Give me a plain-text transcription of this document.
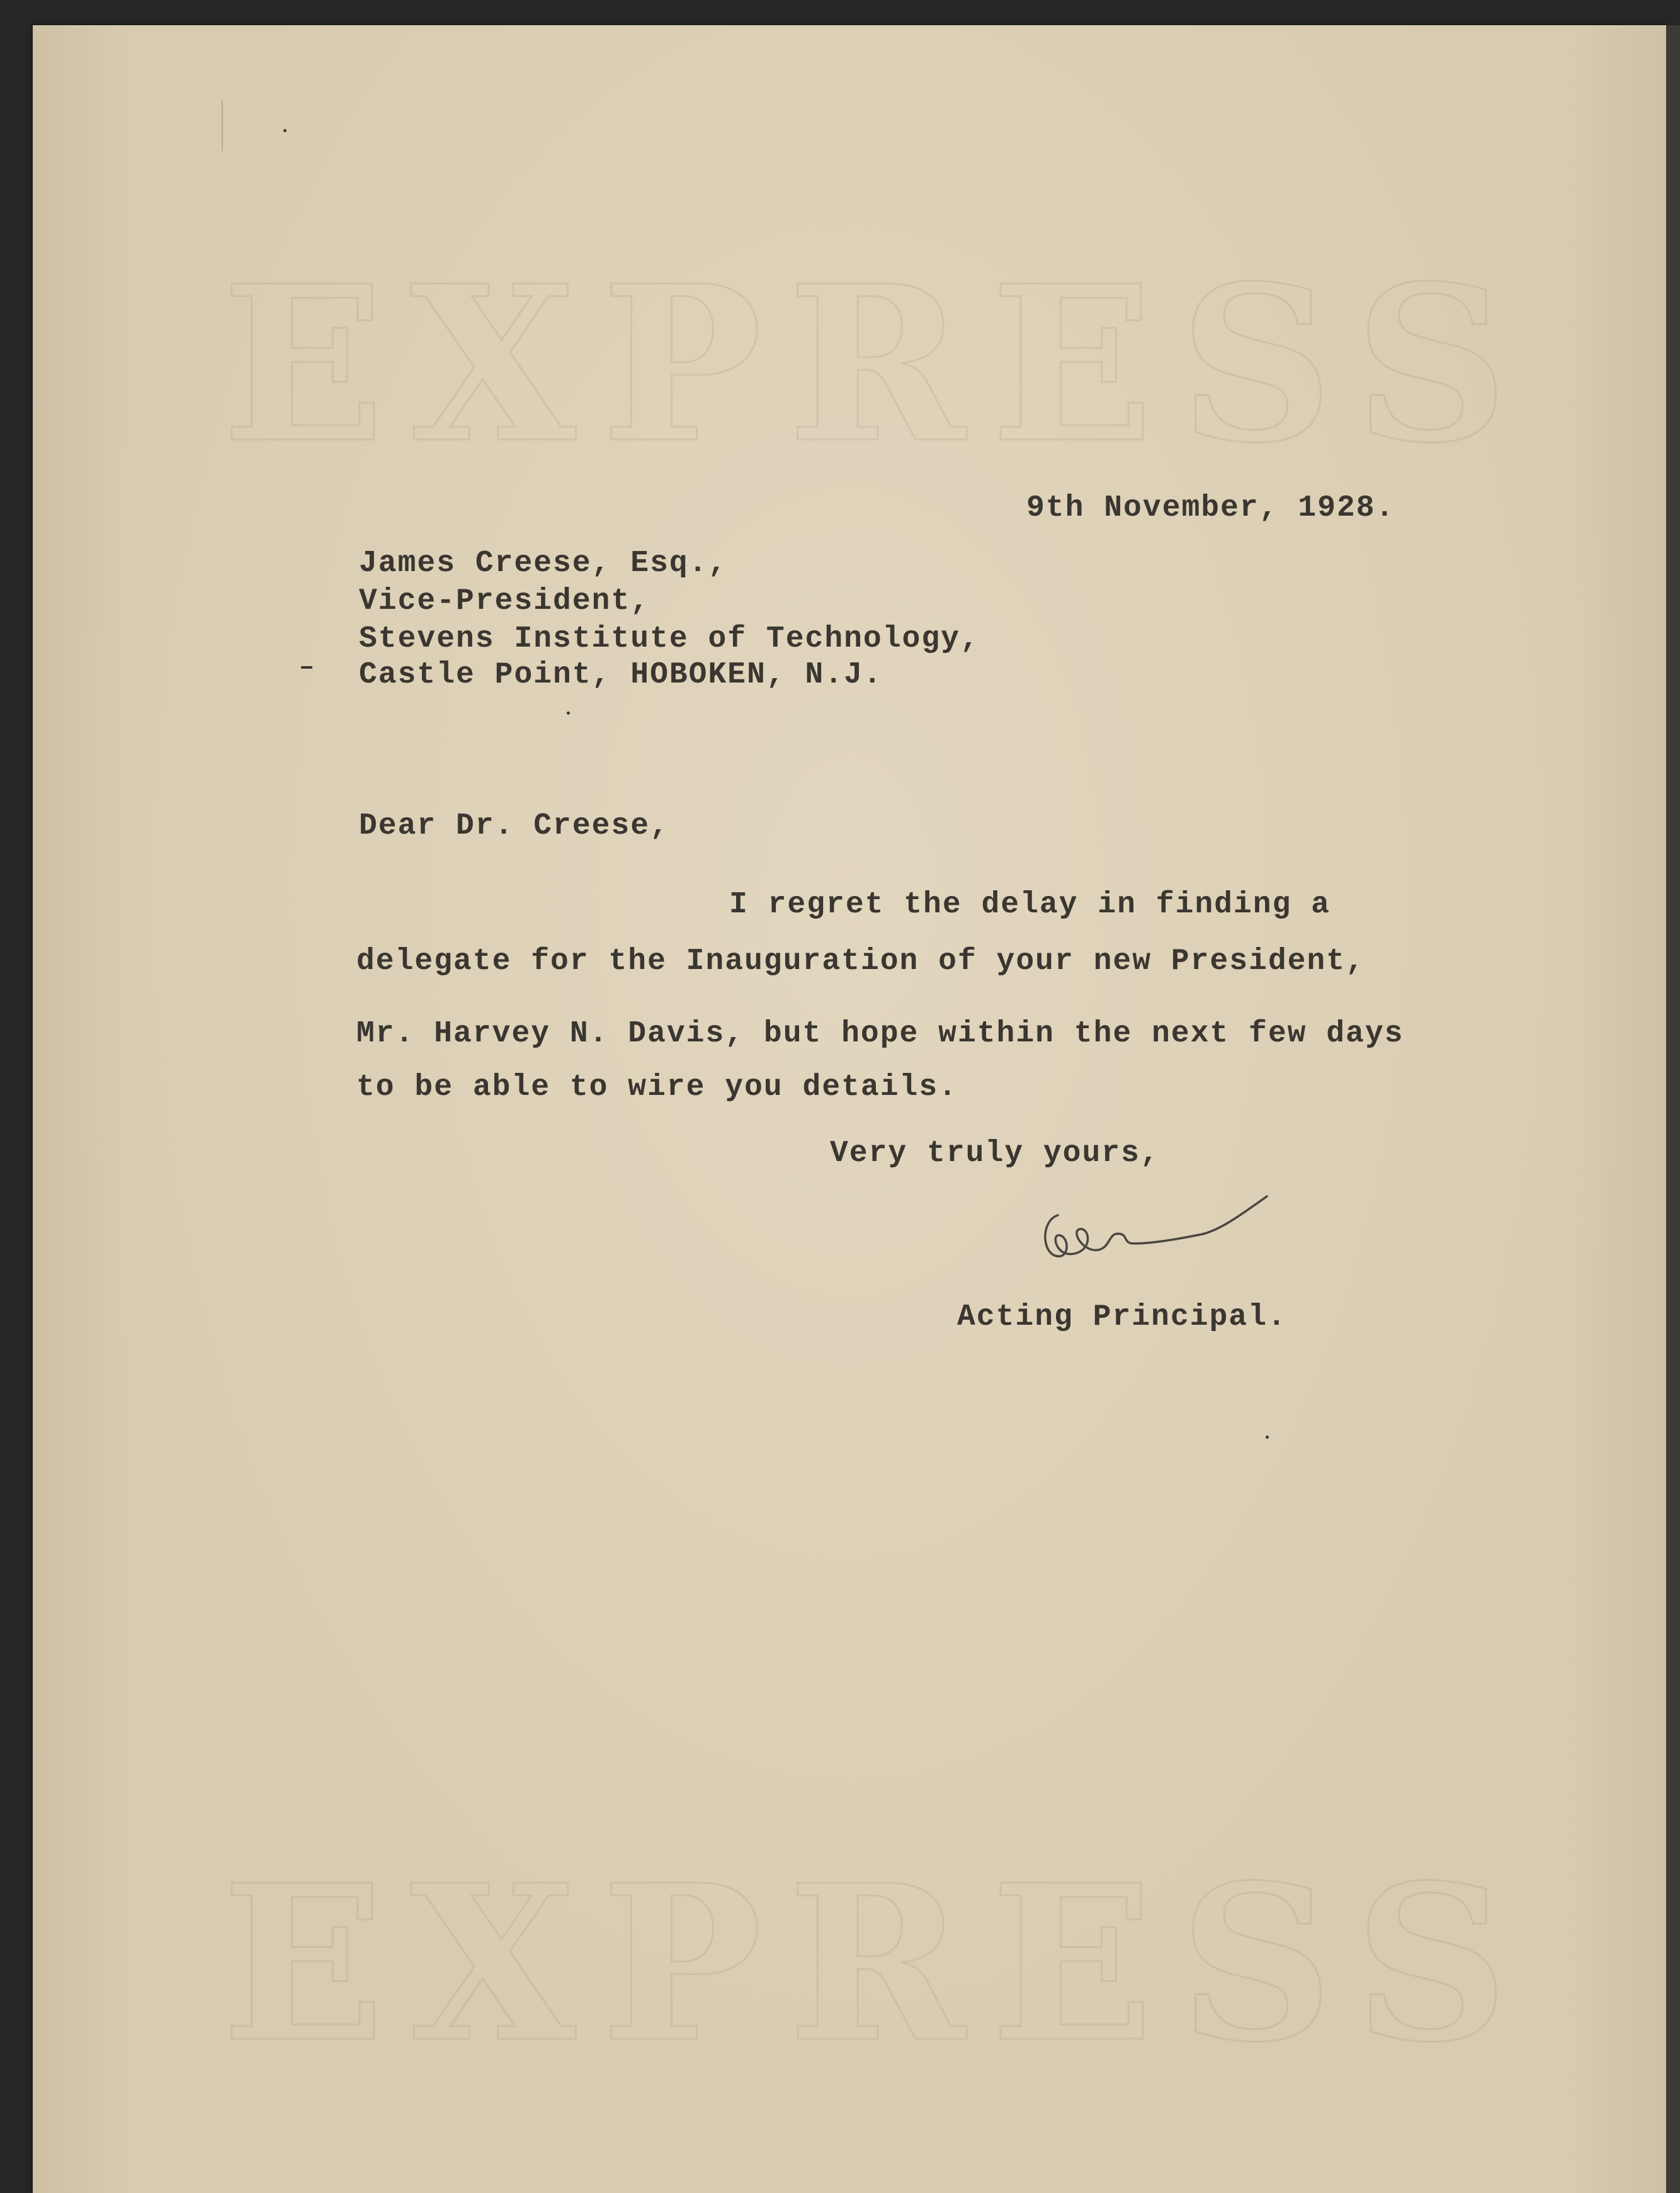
EXPRESS
EXPRESS
9th November, 1928.
James Creese, Esq.,
Vice-President,
Stevens Institute of Technology,
Castle Point, HOBOKEN, N.J.
Dear Dr. Creese,
I regret the delay in finding a
delegate for the Inauguration of your new President,
Mr. Harvey N. Davis, but hope within the next few days
to be able to wire you details.
Very truly yours,
Acting Principal.
